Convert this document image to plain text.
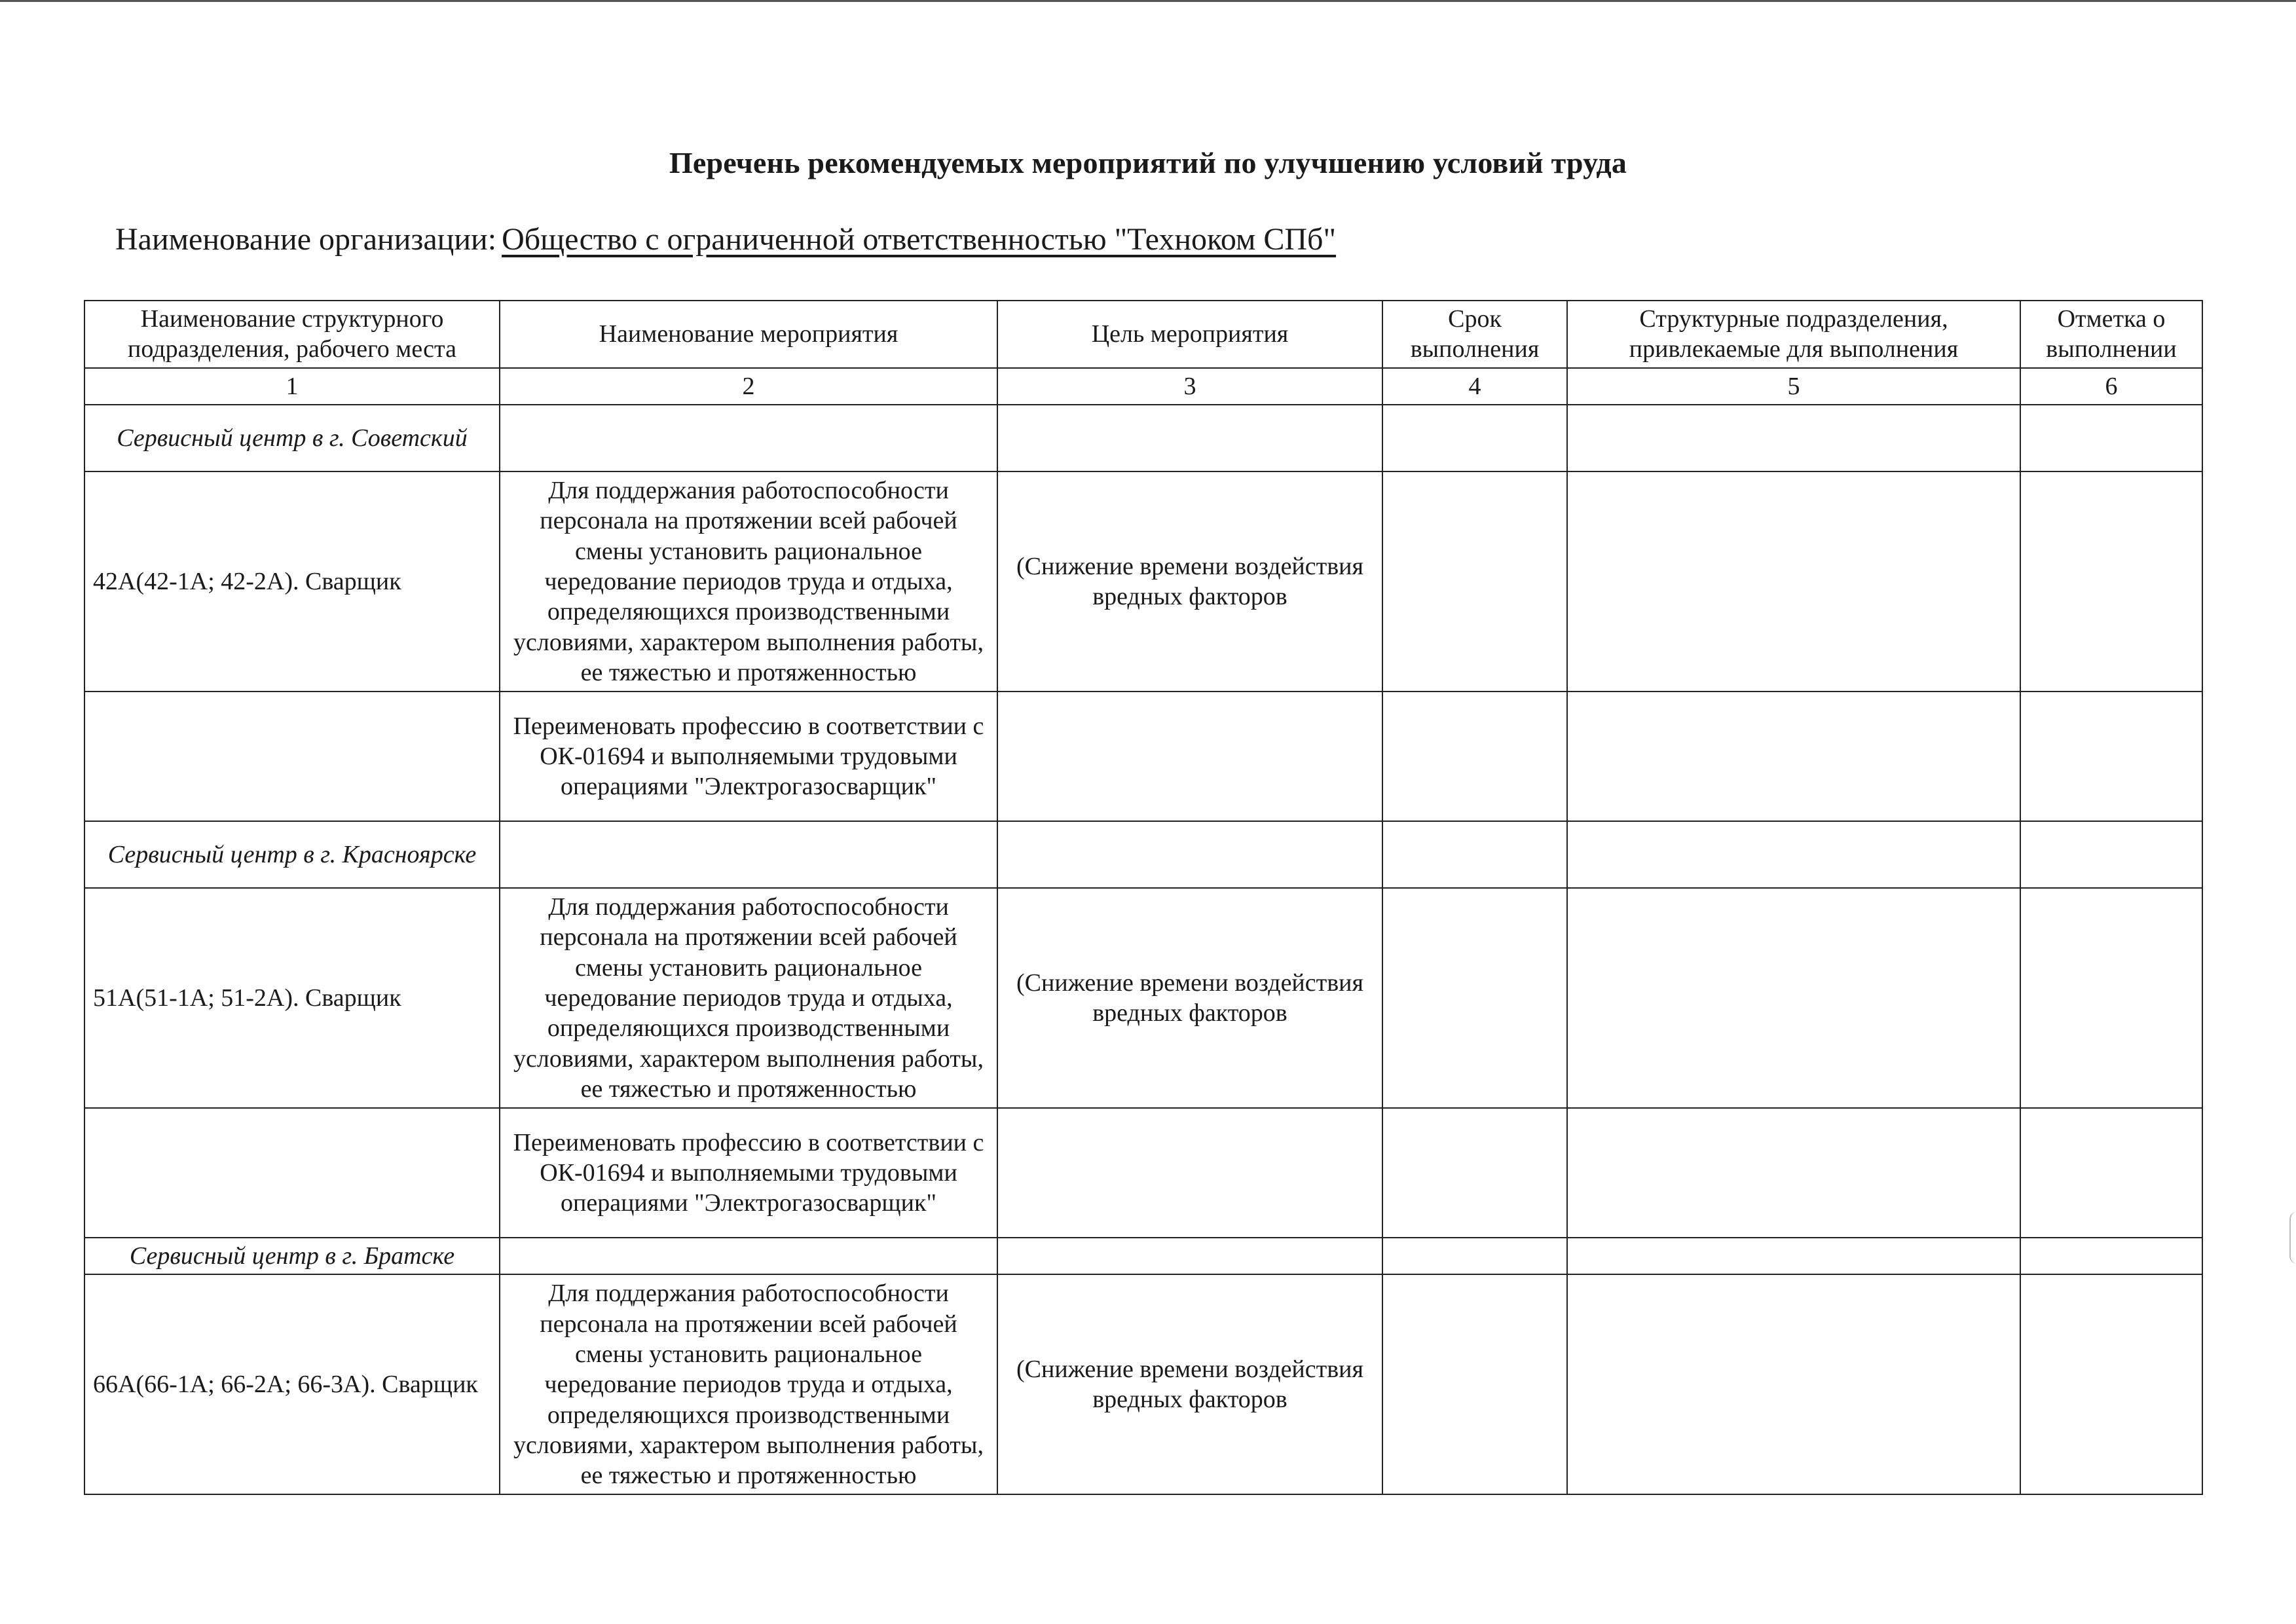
Перечень рекомендуемых мероприятий по улучшению условий труда
Наименование организации: Общество с ограниченной ответственностью "Техноком СПб"
Наименование структурного подразделения, рабочего места	Наименование мероприятия	Цель мероприятия	Срок выполнения	Структурные подразделения, привлекаемые для выполнения	Отметка о выполнении
1	2	3	4	5	6
Сервисный центр в г. Советский					
42А(42-1А; 42-2А). Сварщик	Для поддержания работоспособности персонала на протяжении всей рабочей смены установить рациональное чередование периодов труда и отдыха, определяющихся производственными условиями, характером выполнения работы, ее тяжестью и протяженностью	(Снижение времени воздействия вредных факторов			
	Переименовать профессию в соответствии с ОК-01694 и выполняемыми трудовыми операциями "Электрогазосварщик"				
Сервисный центр в г. Красноярске					
51А(51-1А; 51-2А). Сварщик	Для поддержания работоспособности персонала на протяжении всей рабочей смены установить рациональное чередование периодов труда и отдыха, определяющихся производственными условиями, характером выполнения работы, ее тяжестью и протяженностью	(Снижение времени воздействия вредных факторов			
	Переименовать профессию в соответствии с ОК-01694 и выполняемыми трудовыми операциями "Электрогазосварщик"				
Сервисный центр в г. Братске					
66А(66-1А; 66-2А; 66-3А). Сварщик	Для поддержания работоспособности персонала на протяжении всей рабочей смены установить рациональное чередование периодов труда и отдыха, определяющихся производственными условиями, характером выполнения работы, ее тяжестью и протяженностью	(Снижение времени воздействия вредных факторов			
